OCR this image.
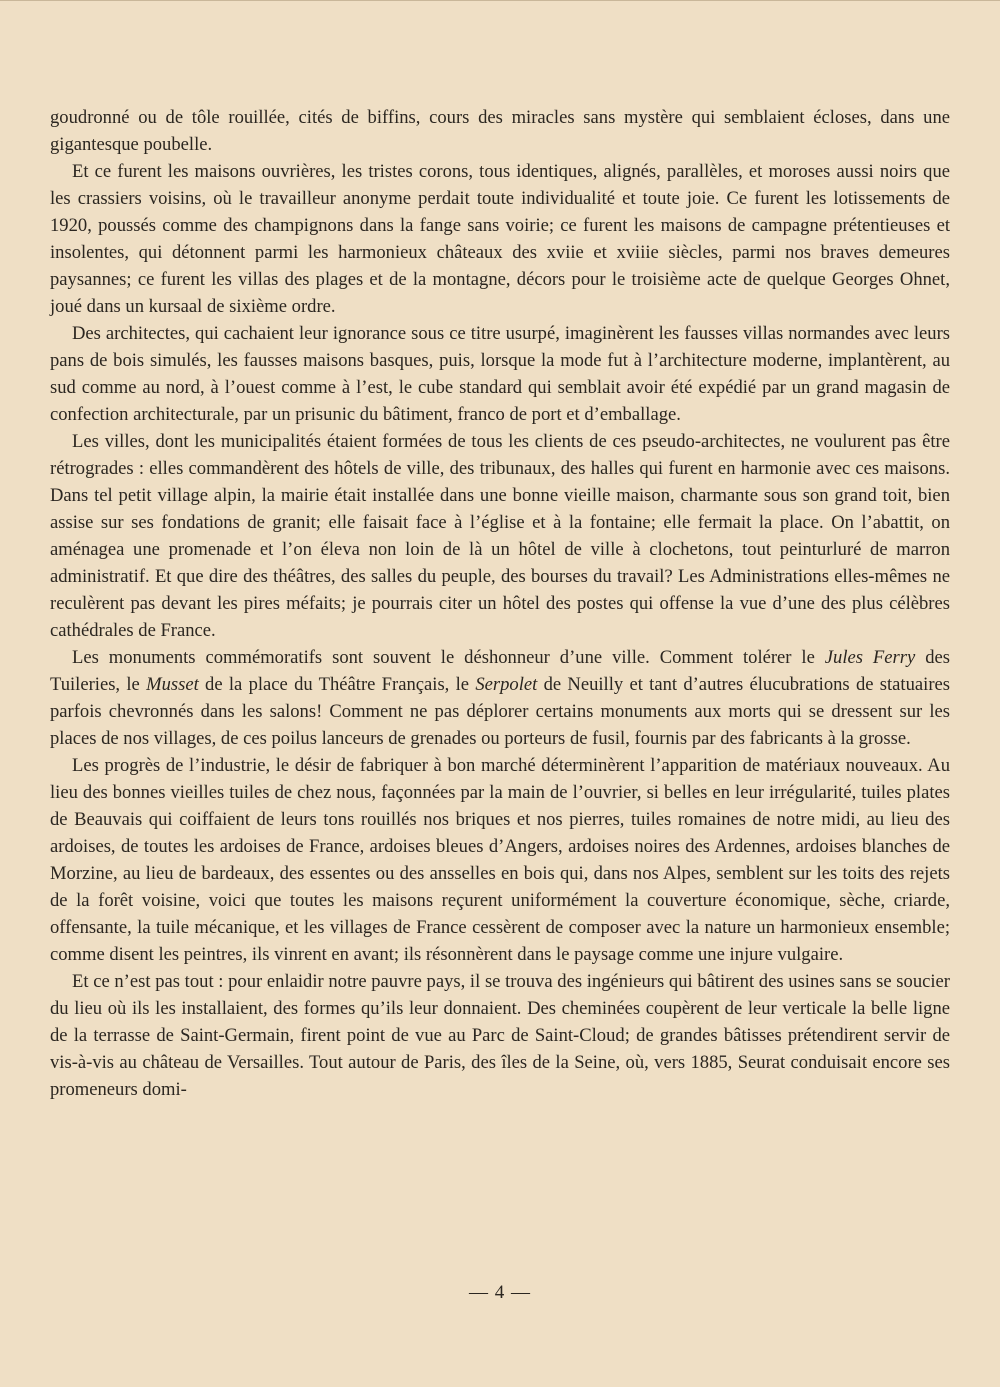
goudronné ou de tôle rouillée, cités de biffins, cours des miracles sans mystère qui semblaient écloses, dans une gigantesque poubelle.

Et ce furent les maisons ouvrières, les tristes corons, tous identiques, alignés, parallèles, et moroses aussi noirs que les crassiers voisins, où le travailleur anonyme perdait toute individualité et toute joie. Ce furent les lotissements de 1920, poussés comme des champignons dans la fange sans voirie; ce furent les maisons de campagne prétentieuses et insolentes, qui détonnent parmi les harmonieux châteaux des xviie et xviiie siècles, parmi nos braves demeures paysannes; ce furent les villas des plages et de la montagne, décors pour le troisième acte de quelque Georges Ohnet, joué dans un kursaal de sixième ordre.

Des architectes, qui cachaient leur ignorance sous ce titre usurpé, imaginèrent les fausses villas normandes avec leurs pans de bois simulés, les fausses maisons basques, puis, lorsque la mode fut à l’architecture moderne, implantèrent, au sud comme au nord, à l’ouest comme à l’est, le cube standard qui semblait avoir été expédié par un grand magasin de confection architecturale, par un prisunic du bâtiment, franco de port et d’emballage.

Les villes, dont les municipalités étaient formées de tous les clients de ces pseudo-architectes, ne voulurent pas être rétrogrades : elles commandèrent des hôtels de ville, des tribunaux, des halles qui furent en harmonie avec ces maisons. Dans tel petit village alpin, la mairie était installée dans une bonne vieille maison, charmante sous son grand toit, bien assise sur ses fondations de granit; elle faisait face à l’église et à la fontaine; elle fermait la place. On l’abattit, on aménagea une promenade et l’on éleva non loin de là un hôtel de ville à clochetons, tout peinturluré de marron administratif. Et que dire des théâtres, des salles du peuple, des bourses du travail? Les Administrations elles-mêmes ne reculèrent pas devant les pires méfaits; je pourrais citer un hôtel des postes qui offense la vue d’une des plus célèbres cathédrales de France.

Les monuments commémoratifs sont souvent le déshonneur d’une ville. Comment tolérer le Jules Ferry des Tuileries, le Musset de la place du Théâtre Français, le Serpolet de Neuilly et tant d’autres élucubrations de statuaires parfois chevronnés dans les salons! Comment ne pas déplorer certains monuments aux morts qui se dressent sur les places de nos villages, de ces poilus lanceurs de grenades ou porteurs de fusil, fournis par des fabricants à la grosse.

Les progrès de l’industrie, le désir de fabriquer à bon marché déterminèrent l’apparition de matériaux nouveaux. Au lieu des bonnes vieilles tuiles de chez nous, façonnées par la main de l’ouvrier, si belles en leur irrégularité, tuiles plates de Beauvais qui coiffaient de leurs tons rouillés nos briques et nos pierres, tuiles romaines de notre midi, au lieu des ardoises, de toutes les ardoises de France, ardoises bleues d’Angers, ardoises noires des Ardennes, ardoises blanches de Morzine, au lieu de bardeaux, des essentes ou des ansselles en bois qui, dans nos Alpes, semblent sur les toits des rejets de la forêt voisine, voici que toutes les maisons reçurent uniformément la couverture économique, sèche, criarde, offensante, la tuile mécanique, et les villages de France cessèrent de composer avec la nature un harmonieux ensemble; comme disent les peintres, ils vinrent en avant; ils résonnèrent dans le paysage comme une injure vulgaire.

Et ce n’est pas tout : pour enlaidir notre pauvre pays, il se trouva des ingénieurs qui bâtirent des usines sans se soucier du lieu où ils les installaient, des formes qu’ils leur donnaient. Des cheminées coupèrent de leur verticale la belle ligne de la terrasse de Saint-Germain, firent point de vue au Parc de Saint-Cloud; de grandes bâtisses prétendirent servir de vis-à-vis au château de Versailles. Tout autour de Paris, des îles de la Seine, où, vers 1885, Seurat conduisait encore ses promeneurs domi-

— 4 —
